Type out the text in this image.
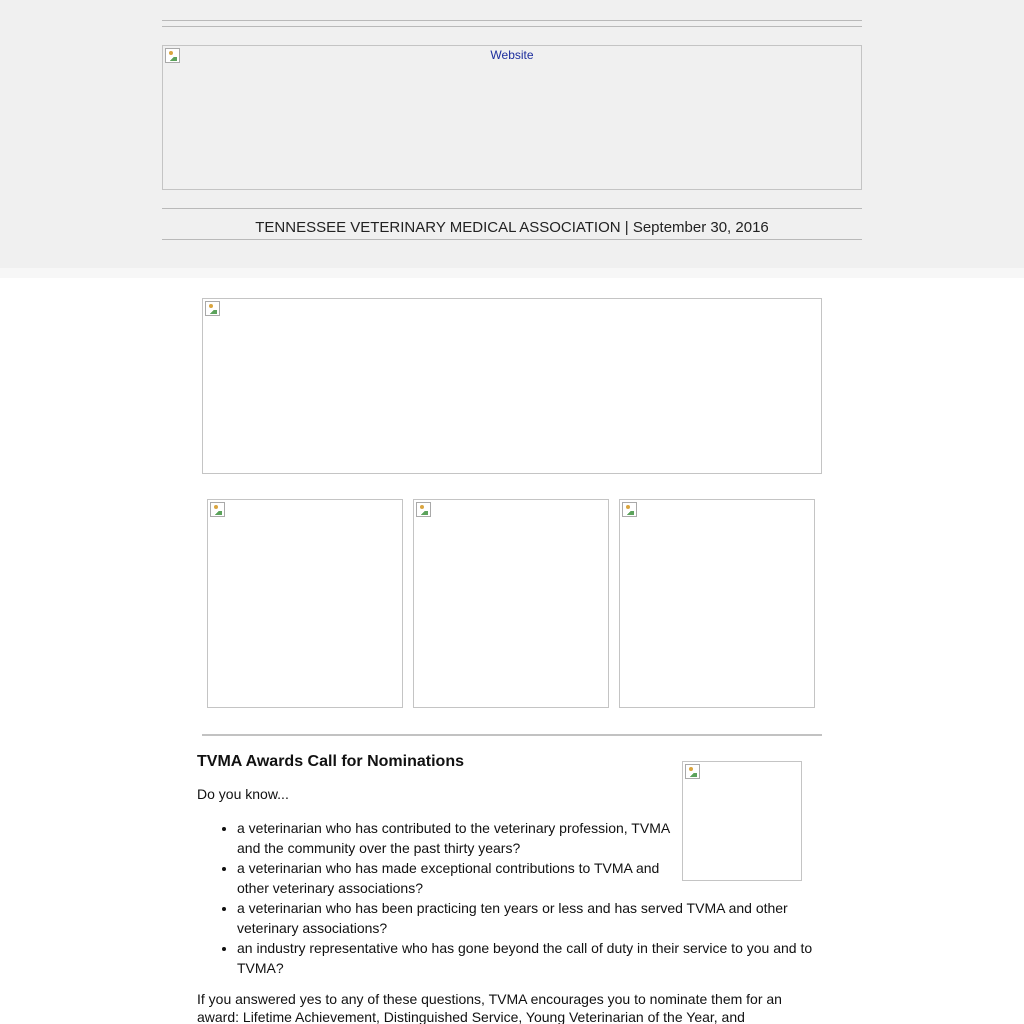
Website
TENNESSEE VETERINARY MEDICAL ASSOCIATION | September 30, 2016
TVMA Awards Call for Nominations

Do you know...

• a veterinarian who has contributed to the veterinary profession, TVMA and the community over the past thirty years?
• a veterinarian who has made exceptional contributions to TVMA and other veterinary associations?
• a veterinarian who has been practicing ten years or less and has served TVMA and other veterinary associations?
• an industry representative who has gone beyond the call of duty in their service to you and to TVMA?

If you answered yes to any of these questions, TVMA encourages you to nominate them for an award: Lifetime Achievement, Distinguished Service, Young Veterinarian of the Year, and
